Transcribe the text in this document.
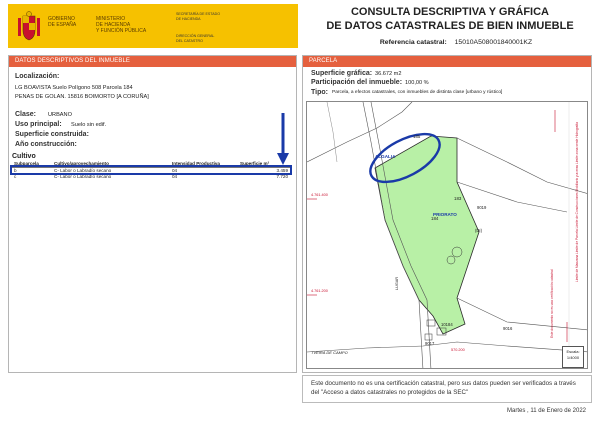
GOBIERNO
DE ESPAÑA
MINISTERIO
DE HACIENDA
Y FUNCIÓN PÚBLICA
SECRETARÍA DE ESTADO
DE HACIENDA
DIRECCIÓN GENERAL
DEL CATASTRO
CONSULTA DESCRIPTIVA Y GRÁFICA
DE DATOS CATASTRALES DE BIEN INMUEBLE
Referencia catastral: 15010A508001840001KZ
DATOS DESCRIPTIVOS DEL INMUEBLE
Localización:
LG BOAVISTA Suelo Polígono 508 Parcela 184
PENAS DE GOLAN. 15816 BOIMORTO [A CORUÑA]
Clase: URBANO
Uso principal: Suelo sin edif.
Superficie construida:
Año construcción:
Cultivo
Subparcela	Cultivo/aprovechamiento	Intensidad Productiva	Superficie m²
b	C- Labor o Labradío secano	04	3.459
c	C- Labor o Labradío secano	04	7.720
PARCELA
Superficie gráfica: 36.672 m2
Participación del inmueble: 100,00 %
Tipo: Parcela, a efectos catastrales, con inmuebles de distinta clase [urbano y rústico]
ALGALIA
PRIORATO
183
184
185
9019
9017
10184
9016
(DI)
4.761.400
4.761.200
570.200
TVEIRA DE CAMPO
LUGAR	Este documento no es una certificación catastral
Límite de Manzana Límite de Parcela Límite de Construcciones Mobiliario y aceras Límite zona verde Hidrografía
Escala:
1/4000
Este documento no es una certificación catastral, pero sus datos pueden ser verificados a través del "Acceso a datos catastrales no protegidos de la SEC"
Martes , 11 de Enero de 2022
